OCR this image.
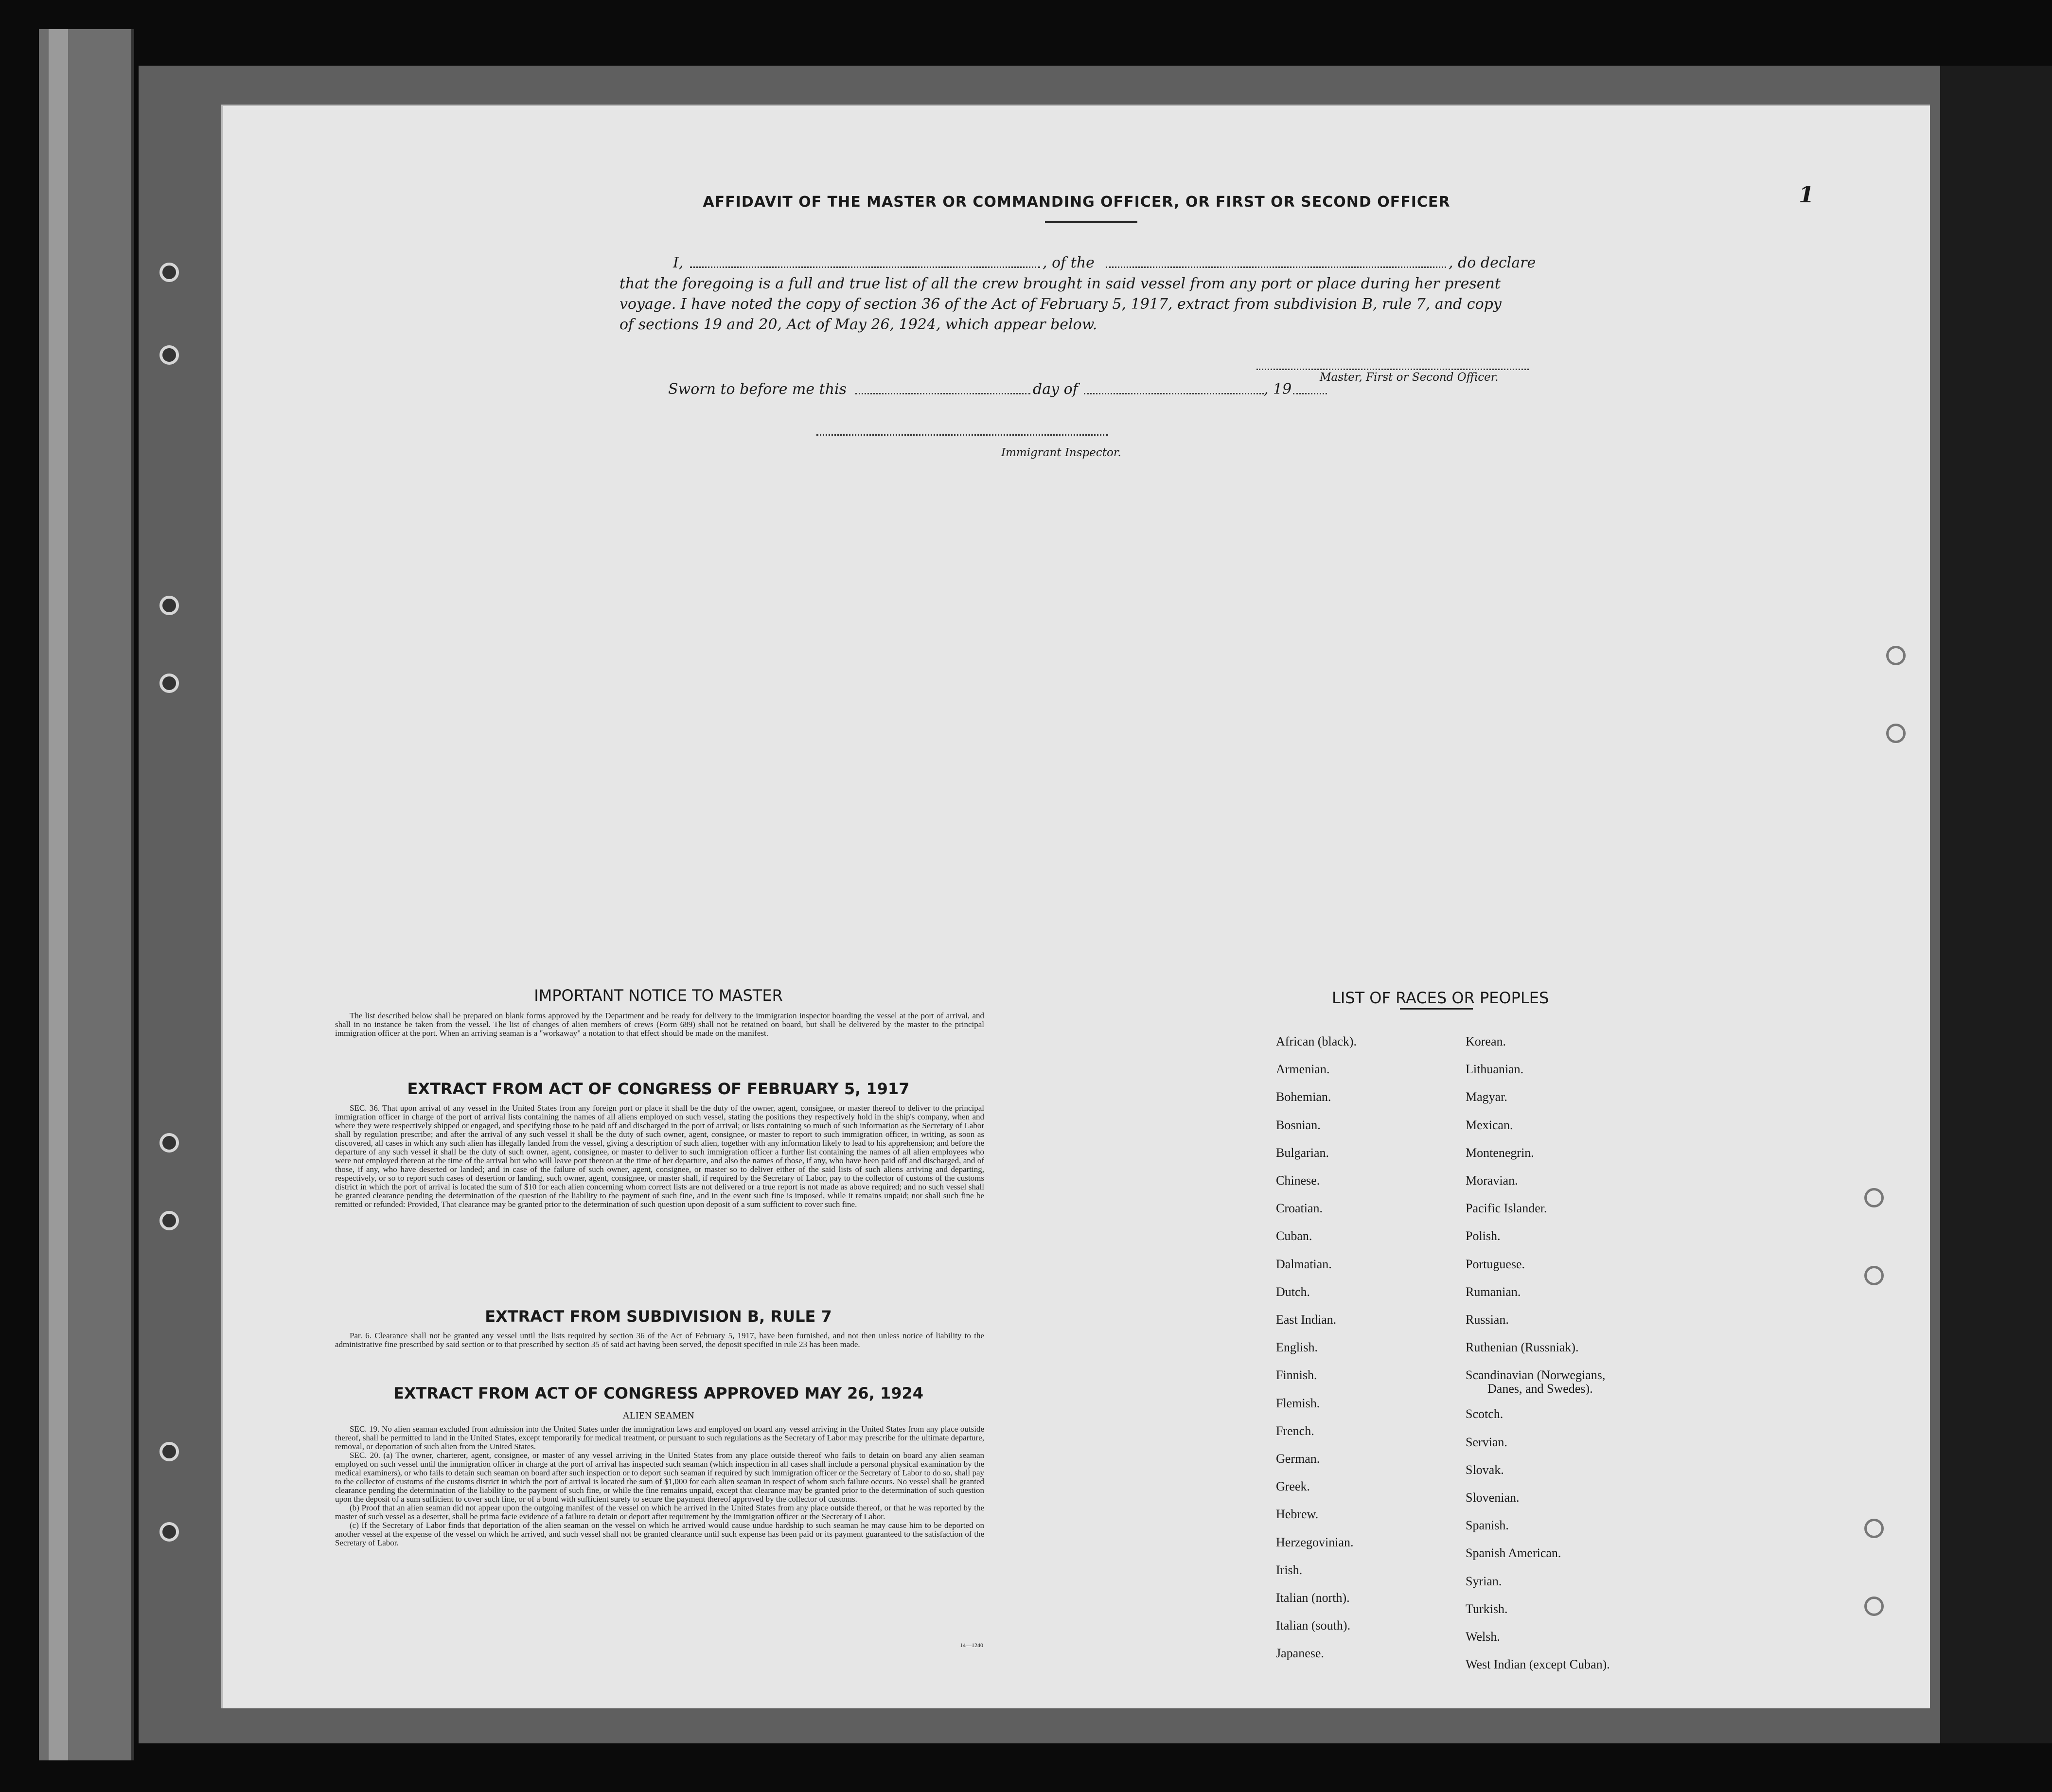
1
AFFIDAVIT OF THE MASTER OR COMMANDING OFFICER, OR FIRST OR SECOND OFFICER
I,	, of the	, do declare
that the foregoing is a full and true list of all the crew brought in said vessel from any port or place during her present
voyage. I have noted the copy of section 36 of the Act of February 5, 1917, extract from subdivision B, rule 7, and copy
of sections 19 and 20, Act of May 26, 1924, which appear below.
Master, First or Second Officer.
Sworn to before me this	day of	, 19
Immigrant Inspector.
IMPORTANT NOTICE TO MASTER

The list described below shall be prepared on blank forms approved by the Department and be ready for delivery to the immigration inspector boarding the vessel at the port of arrival, and shall in no instance be taken from the vessel. The list of changes of alien members of crews (Form 689) shall not be retained on board, but shall be delivered by the master to the principal immigration officer at the port. When an arriving seaman is a "workaway" a notation to that effect should be made on the manifest.

EXTRACT FROM ACT OF CONGRESS OF FEBRUARY 5, 1917

SEC. 36. That upon arrival of any vessel in the United States from any foreign port or place it shall be the duty of the owner, agent, consignee, or master thereof to deliver to the principal immigration officer in charge of the port of arrival lists containing the names of all aliens employed on such vessel, stating the positions they respectively hold in the ship's company, when and where they were respectively shipped or engaged, and specifying those to be paid off and discharged in the port of arrival; or lists containing so much of such information as the Secretary of Labor shall by regulation prescribe; and after the arrival of any such vessel it shall be the duty of such owner, agent, consignee, or master to report to such immigration officer, in writing, as soon as discovered, all cases in which any such alien has illegally landed from the vessel, giving a description of such alien, together with any information likely to lead to his apprehension; and before the departure of any such vessel it shall be the duty of such owner, agent, consignee, or master to deliver to such immigration officer a further list containing the names of all alien employees who were not employed thereon at the time of the arrival but who will leave port thereon at the time of her departure, and also the names of those, if any, who have been paid off and discharged, and of those, if any, who have deserted or landed; and in case of the failure of such owner, agent, consignee, or master so to deliver either of the said lists of such aliens arriving and departing, respectively, or so to report such cases of desertion or landing, such owner, agent, consignee, or master shall, if required by the Secretary of Labor, pay to the collector of customs of the customs district in which the port of arrival is located the sum of $10 for each alien concerning whom correct lists are not delivered or a true report is not made as above required; and no such vessel shall be granted clearance pending the determination of the question of the liability to the payment of such fine, and in the event such fine is imposed, while it remains unpaid; nor shall such fine be remitted or refunded: Provided, That clearance may be granted prior to the determination of such question upon deposit of a sum sufficient to cover such fine.

EXTRACT FROM SUBDIVISION B, RULE 7

Par. 6. Clearance shall not be granted any vessel until the lists required by section 36 of the Act of February 5, 1917, have been furnished, and not then unless notice of liability to the administrative fine prescribed by said section or to that prescribed by section 35 of said act having been served, the deposit specified in rule 23 has been made.

EXTRACT FROM ACT OF CONGRESS APPROVED MAY 26, 1924
ALIEN SEAMEN

SEC. 19. No alien seaman excluded from admission into the United States under the immigration laws and employed on board any vessel arriving in the United States from any place outside thereof, shall be permitted to land in the United States, except temporarily for medical treatment, or pursuant to such regulations as the Secretary of Labor may prescribe for the ultimate departure, removal, or deportation of such alien from the United States.

SEC. 20. (a) The owner, charterer, agent, consignee, or master of any vessel arriving in the United States from any place outside thereof who fails to detain on board any alien seaman employed on such vessel until the immigration officer in charge at the port of arrival has inspected such seaman (which inspection in all cases shall include a personal physical examination by the medical examiners), or who fails to detain such seaman on board after such inspection or to deport such seaman if required by such immigration officer or the Secretary of Labor to do so, shall pay to the collector of customs of the customs district in which the port of arrival is located the sum of $1,000 for each alien seaman in respect of whom such failure occurs. No vessel shall be granted clearance pending the determination of the liability to the payment of such fine, or while the fine remains unpaid, except that clearance may be granted prior to the determination of such question upon the deposit of a sum sufficient to cover such fine, or of a bond with sufficient surety to secure the payment thereof approved by the collector of customs.

(b) Proof that an alien seaman did not appear upon the outgoing manifest of the vessel on which he arrived in the United States from any place outside thereof, or that he was reported by the master of such vessel as a deserter, shall be prima facie evidence of a failure to detain or deport after requirement by the immigration officer or the Secretary of Labor.

(c) If the Secretary of Labor finds that deportation of the alien seaman on the vessel on which he arrived would cause undue hardship to such seaman he may cause him to be deported on another vessel at the expense of the vessel on which he arrived, and such vessel shall not be granted clearance until such expense has been paid or its payment guaranteed to the satisfaction of the Secretary of Labor.

14—1240
LIST OF RACES OR PEOPLES
African (black).
Armenian.
Bohemian.
Bosnian.
Bulgarian.
Chinese.
Croatian.
Cuban.
Dalmatian.
Dutch.
East Indian.
English.
Finnish.
Flemish.
French.
German.
Greek.
Hebrew.
Herzegovinian.
Irish.
Italian (north).
Italian (south).
Japanese.
Korean.
Lithuanian.
Magyar.
Mexican.
Montenegrin.
Moravian.
Pacific Islander.
Polish.
Portuguese.
Rumanian.
Russian.
Ruthenian (Russniak).
Scandinavian (Norwegians,
Danes, and Swedes).
Scotch.
Servian.
Slovak.
Slovenian.
Spanish.
Spanish American.
Syrian.
Turkish.
Welsh.
West Indian (except Cuban).
